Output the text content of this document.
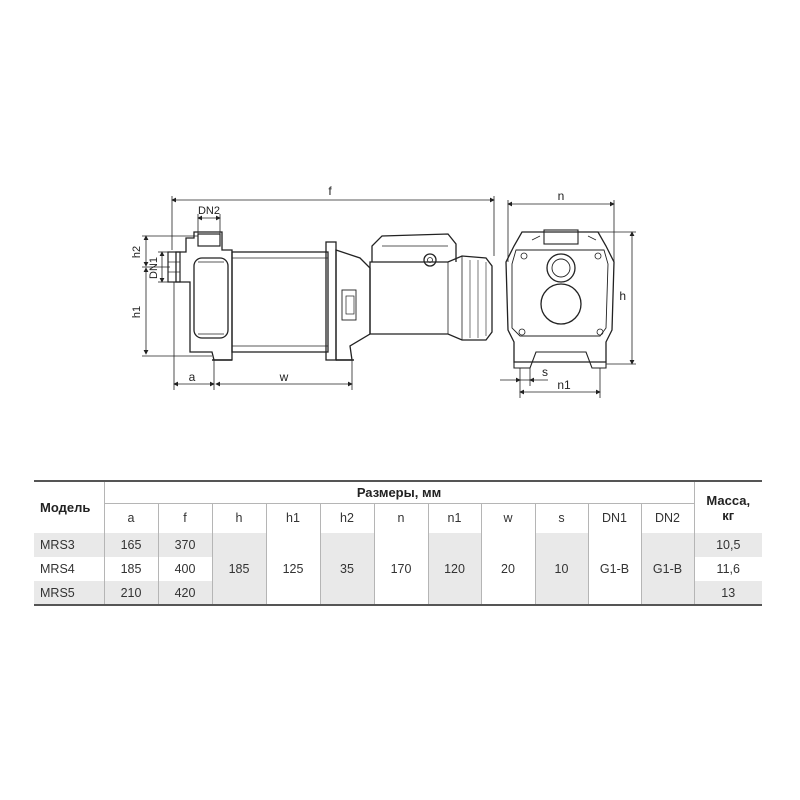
f
DN2
h2
DN1
h1
a	w
n
h
s
n1
Модель	Размеры, мм											Масса,
кг
	a	f	h	h1	h2	n	n1	w	s	DN1	DN2	
MRS3	165	370	185	125	35	170	120	20	10	G1-B	G1-B	10,5
MRS4	185	400										11,6
MRS5	210	420										13
